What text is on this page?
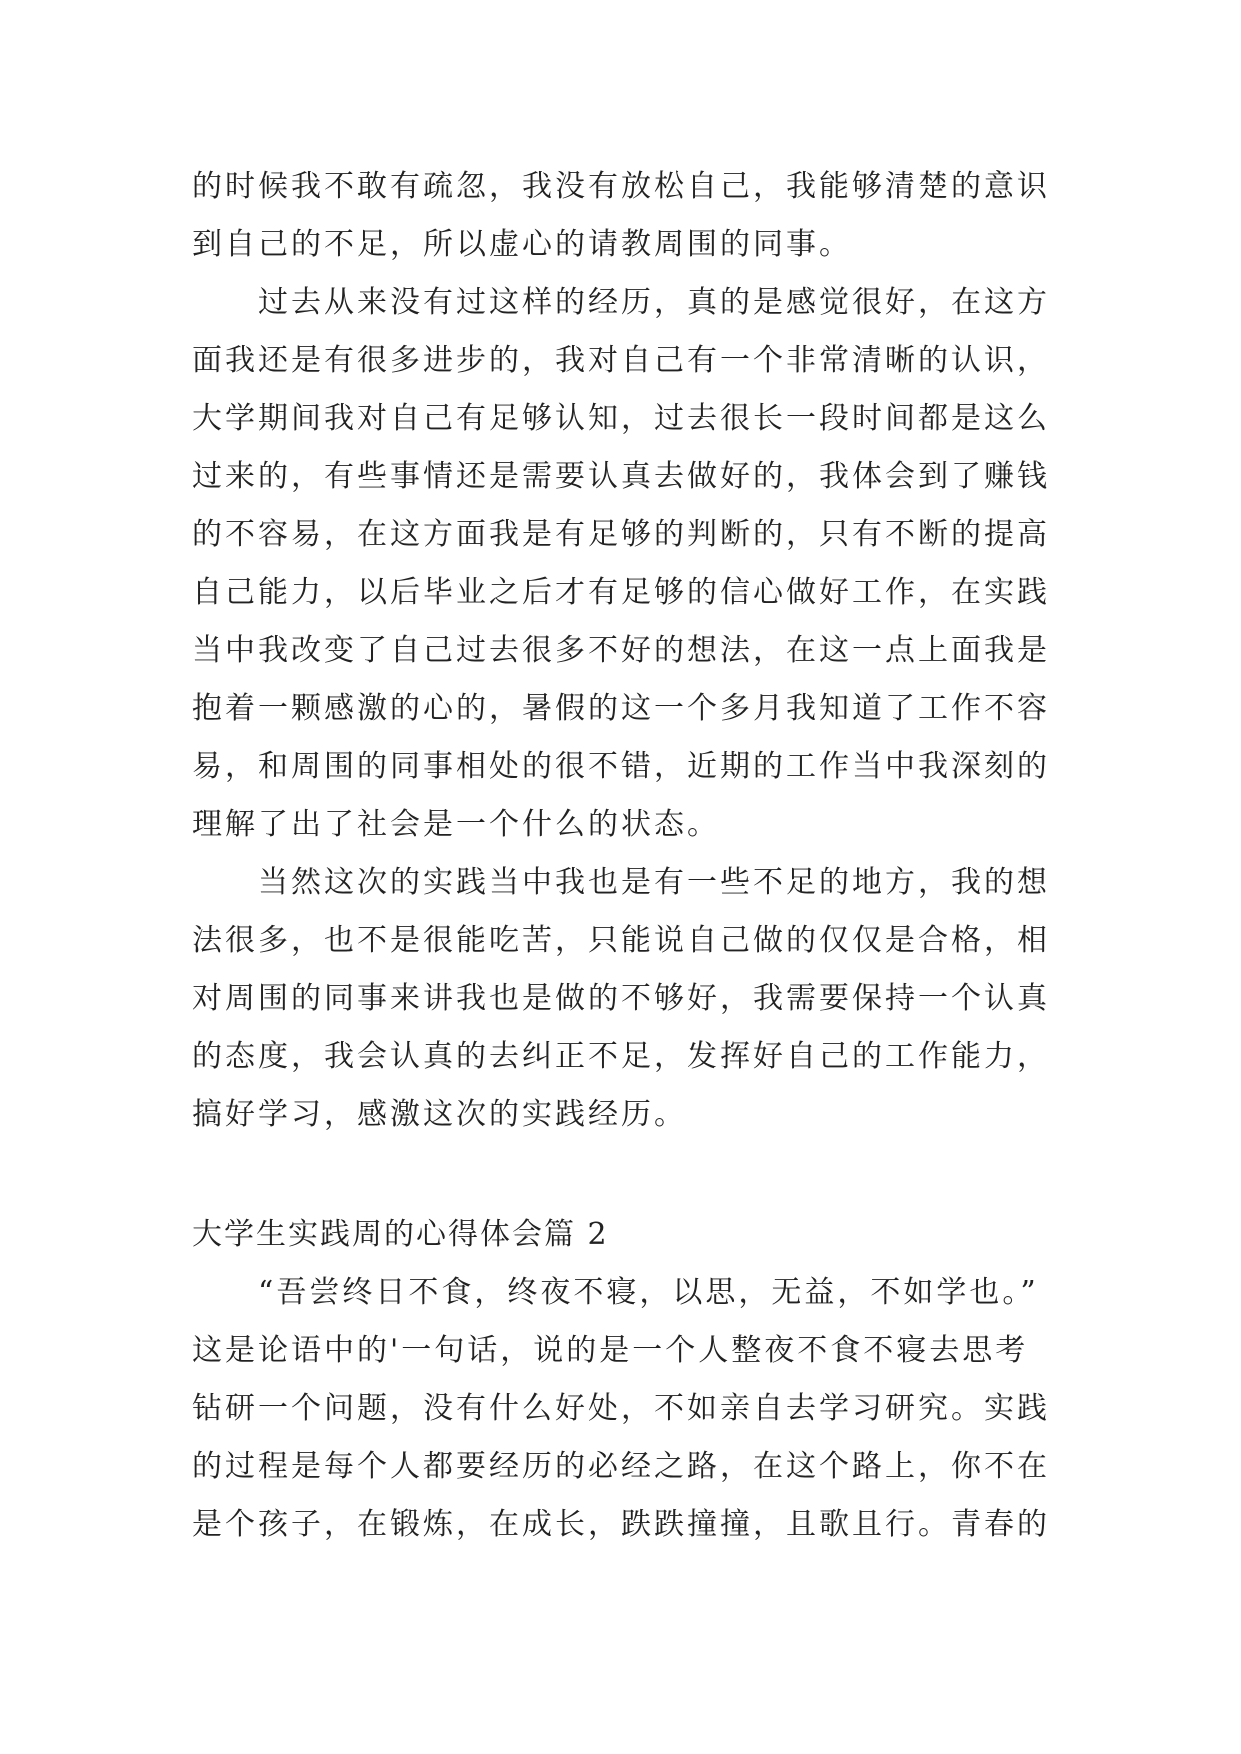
的时候我不敢有疏忽，我没有放松自己，我能够清楚的意识
到自己的不足，所以虚心的请教周围的同事。
　　过去从来没有过这样的经历，真的是感觉很好，在这方
面我还是有很多进步的，我对自己有一个非常清晰的认识，
大学期间我对自己有足够认知，过去很长一段时间都是这么
过来的，有些事情还是需要认真去做好的，我体会到了赚钱
的不容易，在这方面我是有足够的判断的，只有不断的提高
自己能力，以后毕业之后才有足够的信心做好工作，在实践
当中我改变了自己过去很多不好的想法，在这一点上面我是
抱着一颗感激的心的，暑假的这一个多月我知道了工作不容
易，和周围的同事相处的很不错，近期的工作当中我深刻的
理解了出了社会是一个什么的状态。
　　当然这次的实践当中我也是有一些不足的地方，我的想
法很多，也不是很能吃苦，只能说自己做的仅仅是合格，相
对周围的同事来讲我也是做的不够好，我需要保持一个认真
的态度，我会认真的去纠正不足，发挥好自己的工作能力，
搞好学习，感激这次的实践经历。
大学生实践周的心得体会篇 2
　　“吾尝终日不食，终夜不寝，以思，无益，不如学也。”
这是论语中的'一句话，说的是一个人整夜不食不寝去思考
钻研一个问题，没有什么好处，不如亲自去学习研究。实践
的过程是每个人都要经历的必经之路，在这个路上，你不在
是个孩子，在锻炼，在成长，跌跌撞撞，且歌且行。青春的
